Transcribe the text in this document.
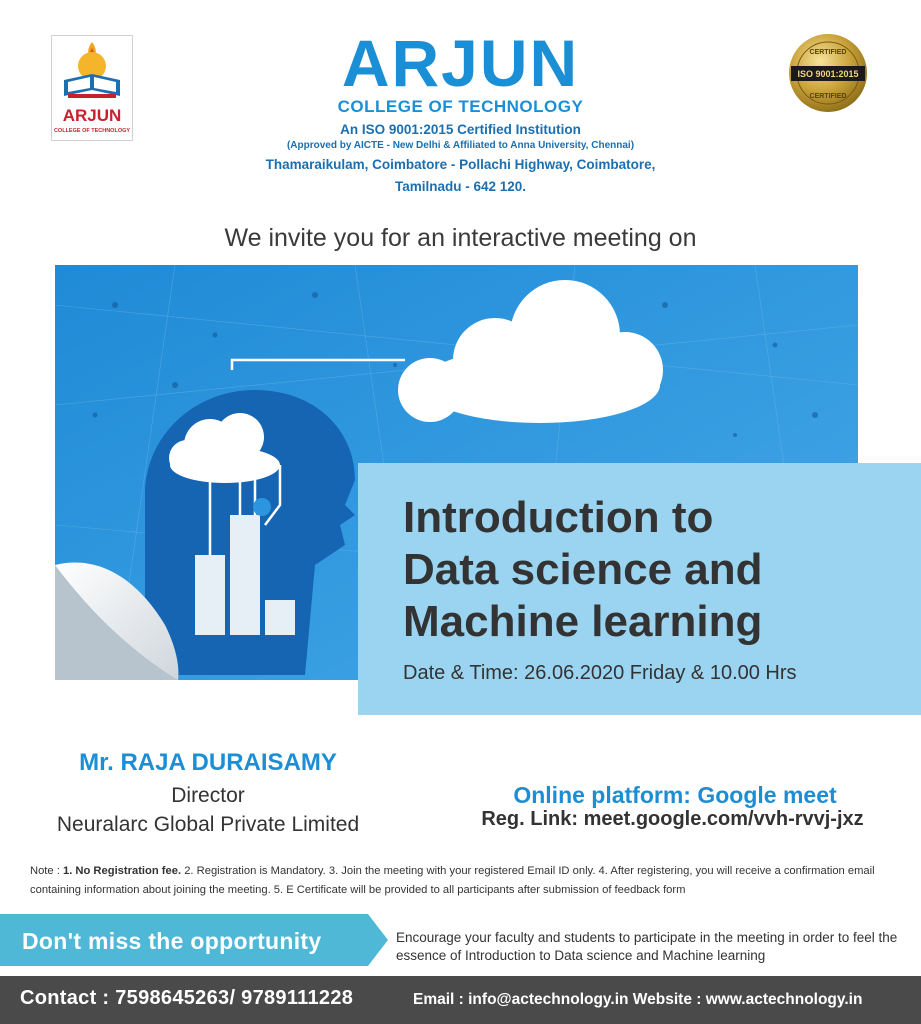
ARJUN
COLLEGE OF TECHNOLOGY
ARJUN
COLLEGE OF TECHNOLOGY
An ISO 9001:2015 Certified Institution
(Approved by AICTE - New Delhi & Affiliated to Anna University, Chennai)
Thamaraikulam, Coimbatore - Pollachi Highway, Coimbatore,
Tamilnadu - 642 120.
ISO 9001:2015
CERTIFIED
CERTIFIED
We invite you for an interactive meeting on
Introduction to
Data science and
Machine learning
Date & Time: 26.06.2020 Friday & 10.00 Hrs
Mr. RAJA DURAISAMY
Director
Neuralarc Global Private Limited
Online platform: Google meet
Reg. Link: meet.google.com/vvh-rvvj-jxz
Note : 1. No Registration fee. 2. Registration is Mandatory. 3. Join the meeting with your registered Email ID only. 4. After registering, you will receive a confirmation email containing information about joining the meeting. 5. E Certificate will be provided to all participants after submission of feedback form
Don't miss the opportunity	Encourage your faculty and students to participate in the meeting in order to feel the essence of Introduction to Data science and Machine learning
Contact : 7598645263/ 9789111228	Email : info@actechnology.in Website : www.actechnology.in
